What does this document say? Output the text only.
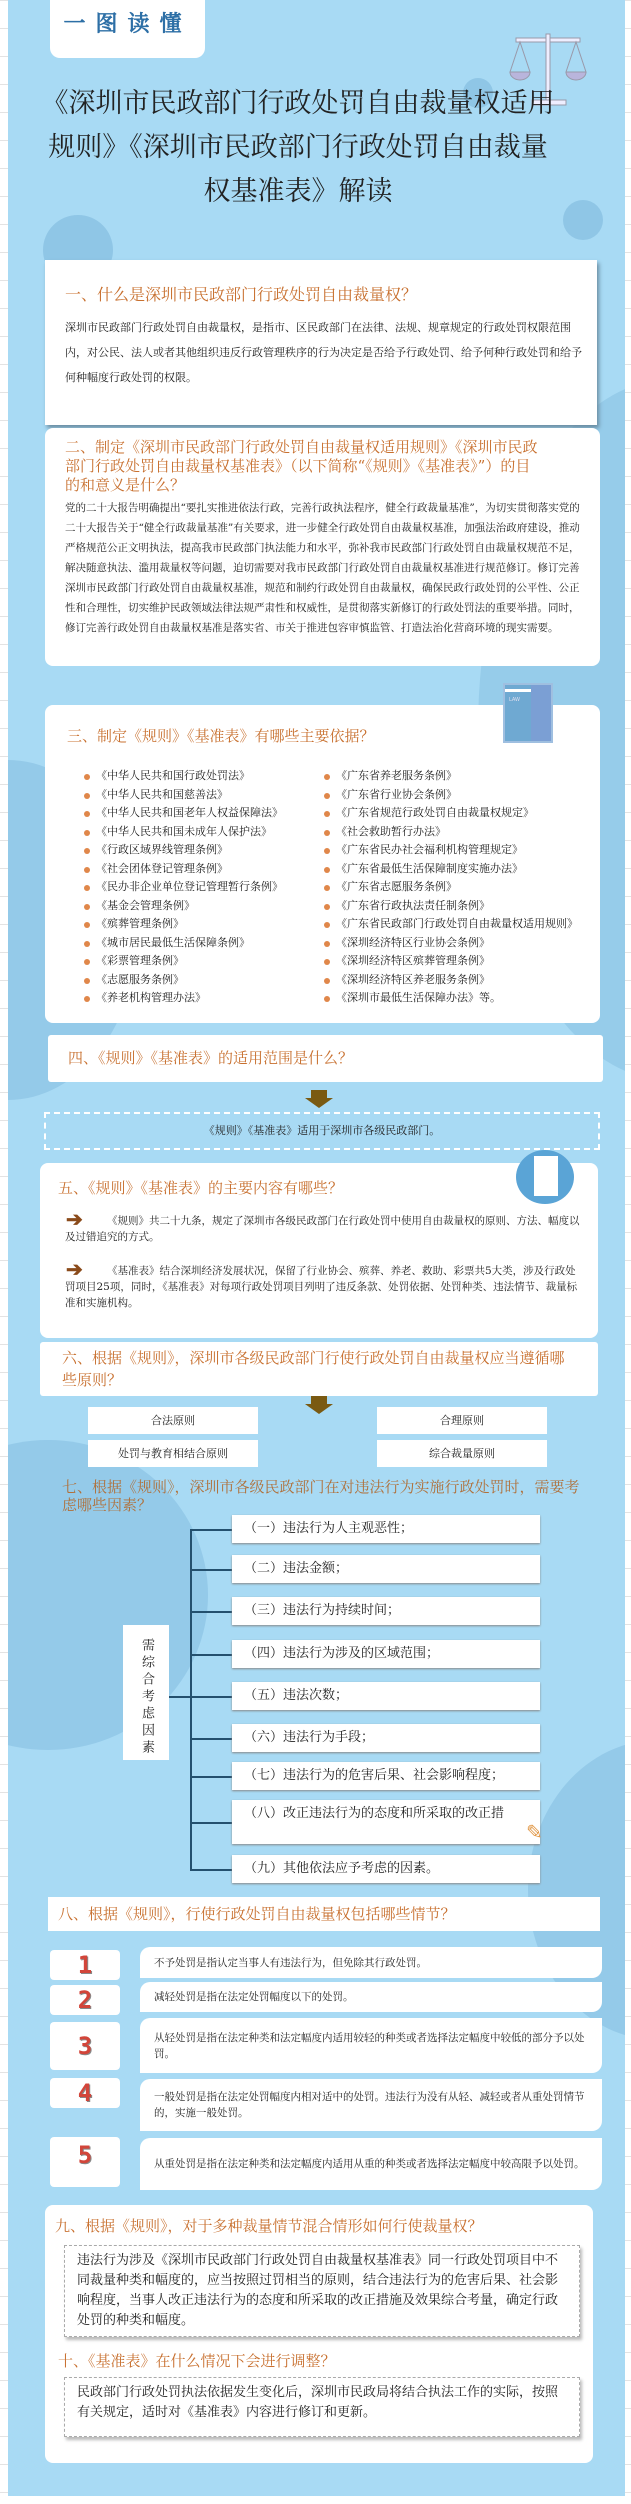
一图读懂
《深圳市民政部门行政处罚自由裁量权适用规则》《深圳市民政部门行政处罚自由裁量权基准表》解读
一、什么是深圳市民政部门行政处罚自由裁量权？
深圳市民政部门行政处罚自由裁量权，是指市、区民政部门在法律、法规、规章规定的行政处罚权限范围内，对公民、法人或者其他组织违反行政管理秩序的行为决定是否给予行政处罚、给予何种行政处罚和给予何种幅度行政处罚的权限。
二、制定《深圳市民政部门行政处罚自由裁量权适用规则》《深圳市民政部门行政处罚自由裁量权基准表》（以下简称“《规则》《基准表》”）的目的和意义是什么？
党的二十大报告明确提出“要扎实推进依法行政，完善行政执法程序，健全行政裁量基准”，为切实贯彻落实党的二十大报告关于“健全行政裁量基准”有关要求，进一步健全行政处罚自由裁量权基准，加强法治政府建设，推动严格规范公正文明执法，提高我市民政部门执法能力和水平，弥补我市民政部门行政处罚自由裁量权规范不足，解决随意执法、滥用裁量权等问题，迫切需要对我市民政部门行政处罚自由裁量权基准进行规范修订。修订完善深圳市民政部门行政处罚自由裁量权基准，规范和制约行政处罚自由裁量权，确保民政行政处罚的公平性、公正性和合理性，切实维护民政领域法律法规严肃性和权威性，是贯彻落实新修订的行政处罚法的重要举措。同时，修订完善行政处罚自由裁量权基准是落实省、市关于推进包容审慎监管、打造法治化营商环境的现实需要。
三、制定《规则》《基准表》有哪些主要依据？
《中华人民共和国行政处罚法》
《中华人民共和国慈善法》
《中华人民共和国老年人权益保障法》
《中华人民共和国未成年人保护法》
《行政区域界线管理条例》
《社会团体登记管理条例》
《民办非企业单位登记管理暂行条例》
《基金会管理条例》
《殡葬管理条例》
《城市居民最低生活保障条例》
《彩票管理条例》
《志愿服务条例》
《养老机构管理办法》
《广东省养老服务条例》
《广东省行业协会条例》
《广东省规范行政处罚自由裁量权规定》
《社会救助暂行办法》
《广东省民办社会福利机构管理规定》
《广东省最低生活保障制度实施办法》
《广东省志愿服务条例》
《广东省行政执法责任制条例》
《广东省民政部门行政处罚自由裁量权适用规则》
《深圳经济特区行业协会条例》
《深圳经济特区殡葬管理条例》
《深圳经济特区养老服务条例》
《深圳市最低生活保障办法》等。
LAW
四、《规则》《基准表》的适用范围是什么？
《规则》《基准表》适用于深圳市各级民政部门。
五、《规则》《基准表》的主要内容有哪些？
➔	《规则》共二十九条，规定了深圳市各级民政部门在行政处罚中使用自由裁量权的原则、方法、幅度以及过错追究的方式。
➔	《基准表》结合深圳经济发展状况，保留了行业协会、殡葬、养老、救助、彩票共5大类，涉及行政处罚项目25项，同时，《基准表》对每项行政处罚项目列明了违反条款、处罚依据、处罚种类、违法情节、裁量标准和实施机构。
六、根据《规则》，深圳市各级民政部门行使行政处罚自由裁量权应当遵循哪些原则？
合法原则	合理原则
处罚与教育相结合原则	综合裁量原则
七、根据《规则》，深圳市各级民政部门在对违法行为实施行政处罚时，需要考虑哪些因素？
需综合考虑因素
（一）违法行为人主观恶性；
（二）违法金额；
（三）违法行为持续时间；
（四）违法行为涉及的区域范围；
（五）违法次数；
（六）违法行为手段；
（七）违法行为的危害后果、社会影响程度；
（八）改正违法行为的态度和所采取的改正措
✎
（九）其他依法应予考虑的因素。
八、根据《规则》，行使行政处罚自由裁量权包括哪些情节？
1	不予处罚是指认定当事人有违法行为，但免除其行政处罚。
2	减轻处罚是指在法定处罚幅度以下的处罚。
3	从轻处罚是指在法定种类和法定幅度内适用较轻的种类或者选择法定幅度中较低的部分予以处罚。
4	一般处罚是指在法定处罚幅度内相对适中的处罚。违法行为没有从轻、减轻或者从重处罚情节的，实施一般处罚。
5	从重处罚是指在法定种类和法定幅度内适用从重的种类或者选择法定幅度中较高限予以处罚。
九、根据《规则》，对于多种裁量情节混合情形如何行使裁量权？
违法行为涉及《深圳市民政部门行政处罚自由裁量权基准表》同一行政处罚项目中不同裁量种类和幅度的，应当按照过罚相当的原则，结合违法行为的危害后果、社会影响程度，当事人改正违法行为的态度和所采取的改正措施及效果综合考量，确定行政处罚的种类和幅度。
十、《基准表》在什么情况下会进行调整？
民政部门行政处罚执法依据发生变化后，深圳市民政局将结合执法工作的实际，按照有关规定，适时对《基准表》内容进行修订和更新。
